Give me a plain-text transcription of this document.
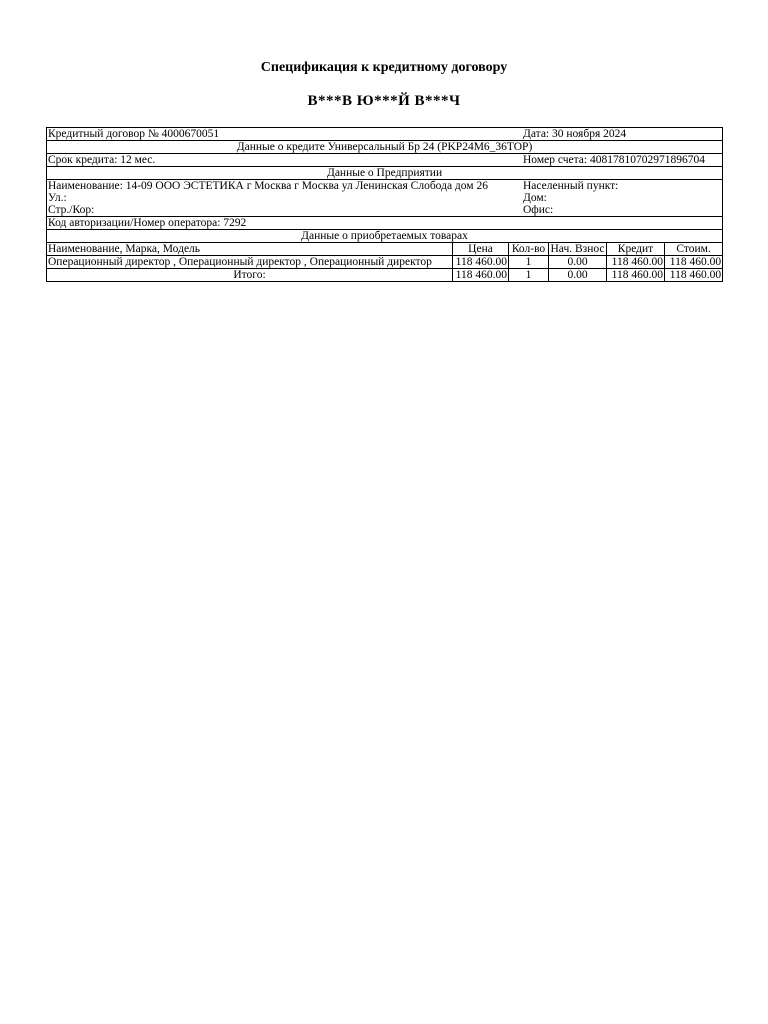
Спецификация к кредитному договору
В***В Ю***Й В***Ч
Кредитный договор № 4000670051 Дата: 30 ноября 2024					

Данные о кредите Универсальный Бр 24 (PKP24M6_36TOP)					
Срок кредита: 12 мес. Номер счета: 40817810702971896704					

Данные о Предприятии					
Наименование: 14-09 ООО ЭСТЕТИКА г Москва г Москва ул Ленинская Слобода дом 26 Населенный пункт:					

Ул.: Дом:					

Стр./Кор: Офис:					

Код авторизации/Номер оператора: 7292					
Данные о приобретаемых товарах					
Наименование, Марка, Модель	Цена	Кол-во	Нач. Взнос	Кредит	Стоим.
Операционный директор , Операционный директор , Операционный директор	118 460.00	1	0.00	118 460.00	118 460.00
Итого:	118 460.00	1	0.00	118 460.00	118 460.00
